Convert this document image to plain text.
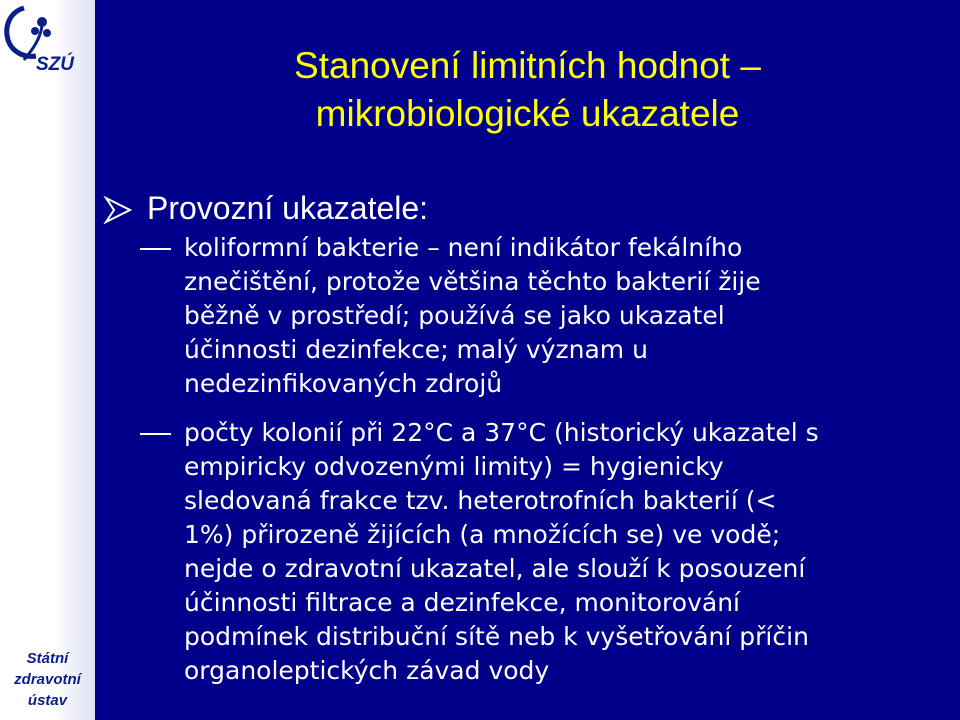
SZÚ
Státní
zdravotní
ústav
Stanovení limitních hodnot –
mikrobiologické ukazatele
Provozní ukazatele:
koliformní bakterie – není indikátor fekálního
znečištění, protože většina těchto bakterií žije
běžně v prostředí; používá se jako ukazatel
účinnosti dezinfekce; malý význam u
nedezinfikovaných zdrojů
počty kolonií při 22°C a 37°C (historický ukazatel s
empiricky odvozenými limity) = hygienicky
sledovaná frakce tzv. heterotrofních bakterií (<
1%) přirozeně žijících (a množících se) ve vodě;
nejde o zdravotní ukazatel, ale slouží k posouzení
účinnosti filtrace a dezinfekce, monitorování
podmínek distribuční sítě neb k vyšetřování příčin
organoleptických závad vody
